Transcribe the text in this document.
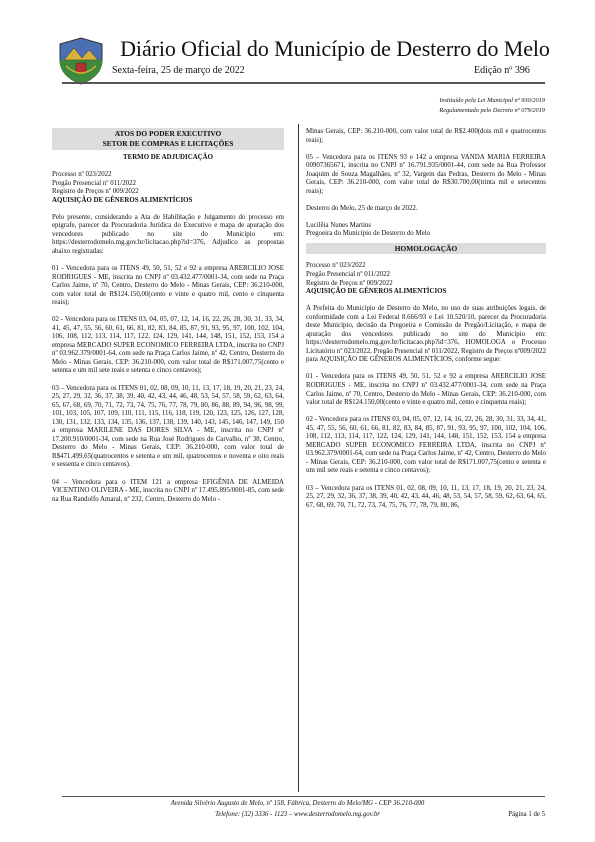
Diário Oficial do Município de Desterro do Melo
Sexta-feira, 25 de março de 2022	Edição nº 396
Instituído pela Lei Municipal nº 930/2019
Regulamentado pelo Decreto nº 079/2019
ATOS DO PODER EXECUTIVO
SETOR DE COMPRAS E LICITAÇÕES

TERMO DE ADJUDICAÇÃO

Processo nº 023/2022

Pregão Presencial nº 011/2022

Registro de Preços nº 009/2022

AQUISIÇÃO DE GÊNEROS ALIMENTÍCIOS

Pelo presente, considerando a Ata de Habilitação e Julgamento do processo em epígrafe, parecer da Procuradoria Jurídica do Executivo e mapa de apuração dos vencedores publicado no site do Município em: https://desterrodomelo.mg.gov.br/licitacao.php?id=376, Adjudico as propostas abaixo registradas:

01 - Vencedora para os ITENS 49, 50, 51, 52 e 92 a empresa ARERCILIO JOSE RODRIGUES - ME, inscrita no CNPJ nº 03.432.477/0001-34, com sede na Praça Carlos Jaime, nº 70, Centro, Desterro do Melo - Minas Gerais, CEP: 36.210-000, com valor total de R$124.150,00(cento e vinte e quatro mil, cento e cinquenta reais);

02 - Vencedora para os ITENS 03, 04, 05, 07, 12, 14, 16, 22, 26, 28, 30, 31, 33, 34, 41, 45, 47, 55, 56, 60, 61, 66, 81, 82, 83, 84, 85, 87, 91, 93, 95, 97, 100, 102, 104, 106, 108, 112, 113, 114, 117, 122, 124, 129, 141, 144, 148, 151, 152, 153, 154 a empresa MERCADO SUPER ECONOMICO FERREIRA LTDA, inscrita no CNPJ nº 03.962.379/0001-64, com sede na Praça Carlos Jaime, nº 42, Centro, Desterro do Melo - Minas Gerais, CEP: 36.210-000, com valor total de R$171.007,75(cento e setenta e um mil sete reais e setenta e cinco centavos);

03 – Vencedora para os ITENS 01, 02, 08, 09, 10, 11, 13, 17, 18, 19, 20, 21, 23, 24, 25, 27, 29, 32, 36, 37, 38, 39, 40, 42, 43, 44, 46, 48, 53, 54, 57, 58, 59, 62, 63, 64, 65, 67, 68, 69, 70, 71, 72, 73, 74, 75, 76, 77, 78, 79, 80, 86, 88, 89, 94, 96, 98, 99, 101, 103, 105, 107, 109, 110, 111, 115, 116, 118, 119, 120, 123, 125, 126, 127, 128, 130, 131, 132, 133, 134, 135, 136, 137, 138, 139, 140, 143, 145, 146, 147, 149, 150 a empresa MARILENE DAS DORES SILVA - ME, inscrita no CNPJ nº 17.200.910/0001-34, com sede na Rua José Rodrigues de Carvalho, nº 38, Centro, Desterro do Melo - Minas Gerais, CEP: 36.210-000, com valor total de R$471.499,65(quatrocentos e setenta e um mil, quatrocentos e noventa e oito reais e sessenta e cinco centavos).

04 – Vencedora para o ITEM 121 a empresa EFIGÊNIA DE ALMEIDA VICENTINO OLIVEIRA - ME, inscrita no CNPJ nº 17.495.895/0001-85, com sede na Rua Randolfo Amaral, nº 232, Centro, Desterro do Melo -

Minas Gerais, CEP: 36.210-000, com valor total de R$2.400(dois mil e quatrocentos reais);

05 – Vencedora para os ITENS 93 e 142 a empresa VANDA MARIA FERREIRA 00907365671, inscrita no CNPJ nº 16.791.935/0001-44, com sede na Rua Professor Joaquim de Souza Magalhães, nº 32, Vargem das Pedras, Desterro do Melo - Minas Gerais, CEP: 36.210-000, com valor total de R$30.700,00(trinta mil e setecentos reais);

Desterro do Melo, 25 de março de 2022.

Lucilêia Nunes Martins

Pregoeira do Município de Desterro do Melo

HOMOLOGAÇÃO

Processo nº 023/2022

Pregão Presencial nº 011/2022

Registro de Preços nº 009/2022

AQUISIÇÃO DE GÊNEROS ALIMENTÍCIOS

A Prefeita do Município de Desterro do Melo, no uso de suas atribuições legais, de conformidade com a Lei Federal 8.666/93 e Lei 10.520/10, parecer da Procuradoria deste Município, decisão da Pregoeira e Comissão de Pregão/Licitação, e mapa de apuração dos vencedores publicado no site do Município em: https://desterrodomelo.mg.gov.br/licitacao.php?id=376, HOMOLOGA o Processo Licitatório nº 023/2022, Pregão Presencial nº 011/2022, Registro de Preços nº009/2022 para AQUISIÇÃO DE GÊNEROS ALIMENTÍCIOS, conforme segue:

01 - Vencedora para os ITENS 49, 50, 51, 52 e 92 a empresa ARERCILIO JOSE RODRIGUES - ME, inscrita no CNPJ nº 03.432.477/0001-34, com sede na Praça Carlos Jaime, nº 70, Centro, Desterro do Melo - Minas Gerais, CEP: 36.210-000, com valor total de R$124.150,00(cento e vinte e quatro mil, cento e cinquenta reais);

02 - Vencedora para os ITENS 03, 04, 05, 07, 12, 14, 16, 22, 26, 28, 30, 31, 33, 34, 41, 45, 47, 55, 56, 60, 61, 66, 81, 82, 83, 84, 85, 87, 91, 93, 95, 97, 100, 102, 104, 106, 108, 112, 113, 114, 117, 122, 124, 129, 141, 144, 148, 151, 152, 153, 154 a empresa MERCADO SUPER ECONOMICO FERREIRA LTDA, inscrita no CNPJ nº 03.962.379/0001-64, com sede na Praça Carlos Jaime, nº 42, Centro, Desterro do Melo - Minas Gerais, CEP: 36.210-000, com valor total de R$171.007,75(cento e setenta e um mil sete reais e setenta e cinco centavos);

03 – Vencedora para os ITENS 01, 02, 08, 09, 10, 11, 13, 17, 18, 19, 20, 21, 23, 24, 25, 27, 29, 32, 36, 37, 38, 39, 40, 42, 43, 44, 46, 48, 53, 54, 57, 58, 59, 62, 63, 64, 65, 67, 68, 69, 70, 71, 72, 73, 74, 75, 76, 77, 78, 79, 80, 86,

Avenida Silvério Augusto de Melo, nº 158, Fábrica, Desterro do Melo/MG - CEP 36.210-000
Telefone: (32) 3336 - 1123 – www.desterrodomelo.mg.gov.br	Página 1 de 5
